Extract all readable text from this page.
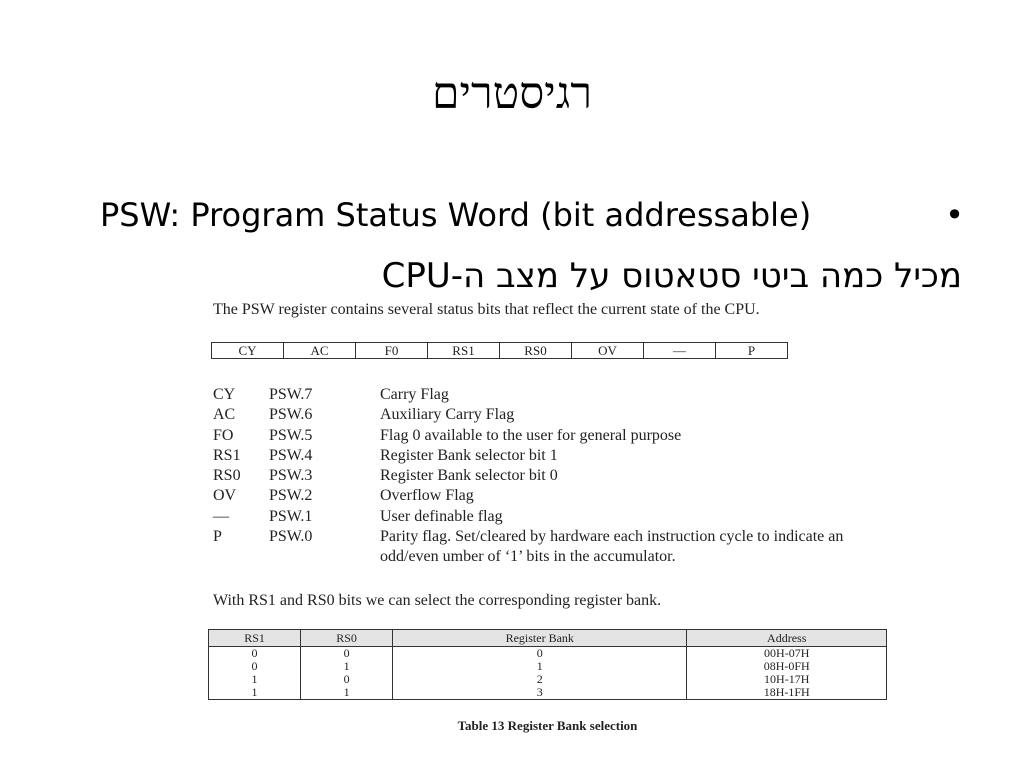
רגיסטרים
PSW: Program Status Word (bit addressable)	•
מכיל כמה ביטי סטאטוס על מצב ה-CPU
The PSW register contains several status bits that reflect the current state of the CPU.
CY	AC	F0	RS1	RS0	OV	—	P
CY PSW.7	Carry Flag
AC PSW.6	Auxiliary Carry Flag
FO PSW.5	Flag 0 available to the user for general purpose
RS1 PSW.4	Register Bank selector bit 1
RS0 PSW.3	Register Bank selector bit 0
OV PSW.2	Overflow Flag
—	PSW.1	User definable flag
P	PSW.0	Parity flag. Set/cleared by hardware each instruction cycle to indicate an odd/even umber of ‘1’ bits in the accumulator.
With RS1 and RS0 bits we can select the corresponding register bank.
RS1	RS0	Register Bank	Address
0	0	0	00H-07H
0	1	1	08H-0FH
1	0	2	10H-17H
1	1	3	18H-1FH
Table 13 Register Bank selection
